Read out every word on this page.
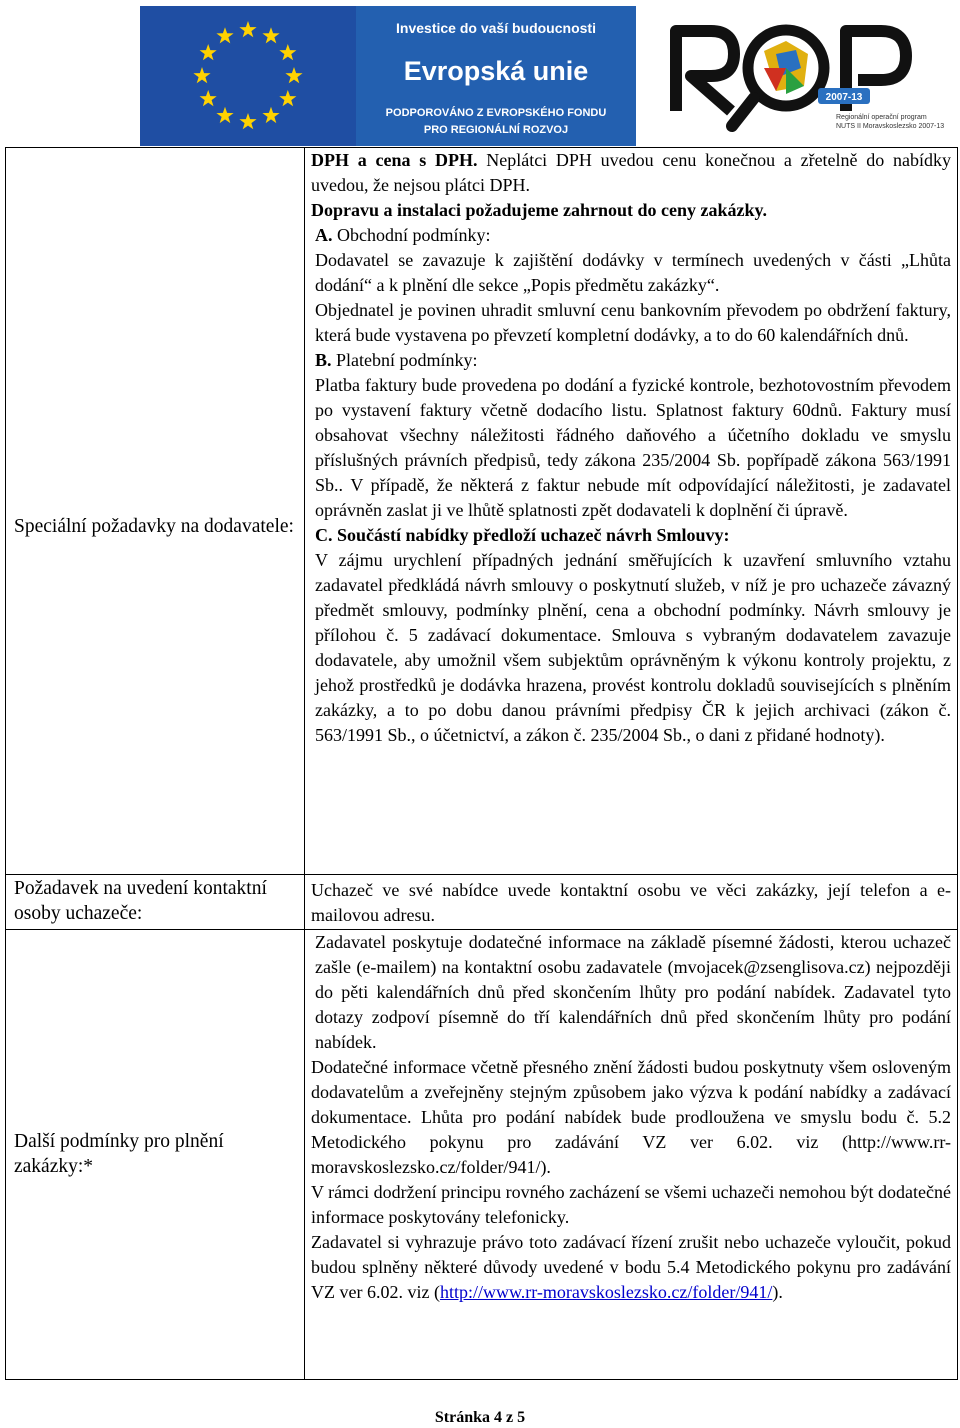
Investice do vaší budoucnosti
Evropská unie
PODPOROVÁNO Z EVROPSKÉHO FONDU
PRO REGIONÁLNÍ ROZVOJ
2007-13
Regionální operační program
NUTS II Moravskoslezsko 2007-13
Speciální požadavky na dodavatele:

DPH a cena s DPH. Neplátci DPH uvedou cenu konečnou a zřetelně do nabídky uvedou, že nejsou plátci DPH.

Dopravu a instalaci požadujeme zahrnout do ceny zakázky.

A. Obchodní podmínky:

Dodavatel se zavazuje k zajištění dodávky v termínech uvedených v části „Lhůta dodání“ a k plnění dle sekce „Popis předmětu zakázky“.

Objednatel je povinen uhradit smluvní cenu bankovním převodem po obdržení faktury, která bude vystavena po převzetí kompletní dodávky, a to do 60 kalendářních dnů.

B. Platební podmínky:

Platba faktury bude provedena po dodání a fyzické kontrole, bezhotovostním převodem po vystavení faktury včetně dodacího listu. Splatnost faktury 60dnů. Faktury musí obsahovat všechny náležitosti řádného daňového a účetního dokladu ve smyslu příslušných právních předpisů, tedy zákona 235/2004 Sb. popřípadě zákona 563/1991 Sb.. V případě, že některá z faktur nebude mít odpovídající náležitosti, je zadavatel oprávněn zaslat ji ve lhůtě splatnosti zpět dodavateli k doplnění či úpravě.

C. Součástí nabídky předloží uchazeč návrh Smlouvy:

V zájmu urychlení případných jednání směřujících k uzavření smluvního vztahu zadavatel předkládá návrh smlouvy o poskytnutí služeb, v níž je pro uchazeče závazný předmět smlouvy, podmínky plnění, cena a obchodní podmínky. Návrh smlouvy je přílohou č. 5 zadávací dokumentace. Smlouva s vybraným dodavatelem zavazuje dodavatele, aby umožnil všem subjektům oprávněným k výkonu kontroly projektu, z jehož prostředků je dodávka hrazena, provést kontrolu dokladů souvisejících s plněním zakázky, a to po dobu danou právními předpisy ČR k jejich archivaci (zákon č. 563/1991 Sb., o účetnictví, a zákon č. 235/2004 Sb., o dani z přidané hodnoty).

Požadavek na uvedení kontaktní osoby uchazeče:

Uchazeč ve své nabídce uvede kontaktní osobu ve věci zakázky, její telefon a e-mailovou adresu.

Další podmínky pro plnění zakázky:*

Zadavatel poskytuje dodatečné informace na základě písemné žádosti, kterou uchazeč zašle (e-mailem) na kontaktní osobu zadavatele (mvojacek@zsenglisova.cz) nejpozději do pěti kalendářních dnů před skončením lhůty pro podání nabídek. Zadavatel tyto dotazy zodpoví písemně do tří kalendářních dnů před skončením lhůty pro podání nabídek.

Dodatečné informace včetně přesného znění žádosti budou poskytnuty všem osloveným dodavatelům a zveřejněny stejným způsobem jako výzva k podání nabídky a zadávací dokumentace. Lhůta pro podání nabídek bude prodloužena ve smyslu bodu č. 5.2 Metodického pokynu pro zadávání VZ ver 6.02. viz (http://www.rr-moravskoslezsko.cz/folder/941/).

V rámci dodržení principu rovného zacházení se všemi uchazeči nemohou být dodatečné informace poskytovány telefonicky.

Zadavatel si vyhrazuje právo toto zadávací řízení zrušit nebo uchazeče vyloučit, pokud budou splněny některé důvody uvedené v bodu 5.4 Metodického pokynu pro zadávání VZ ver 6.02. viz (http://www.rr-moravskoslezsko.cz/folder/941/).

Stránka 4 z 5
